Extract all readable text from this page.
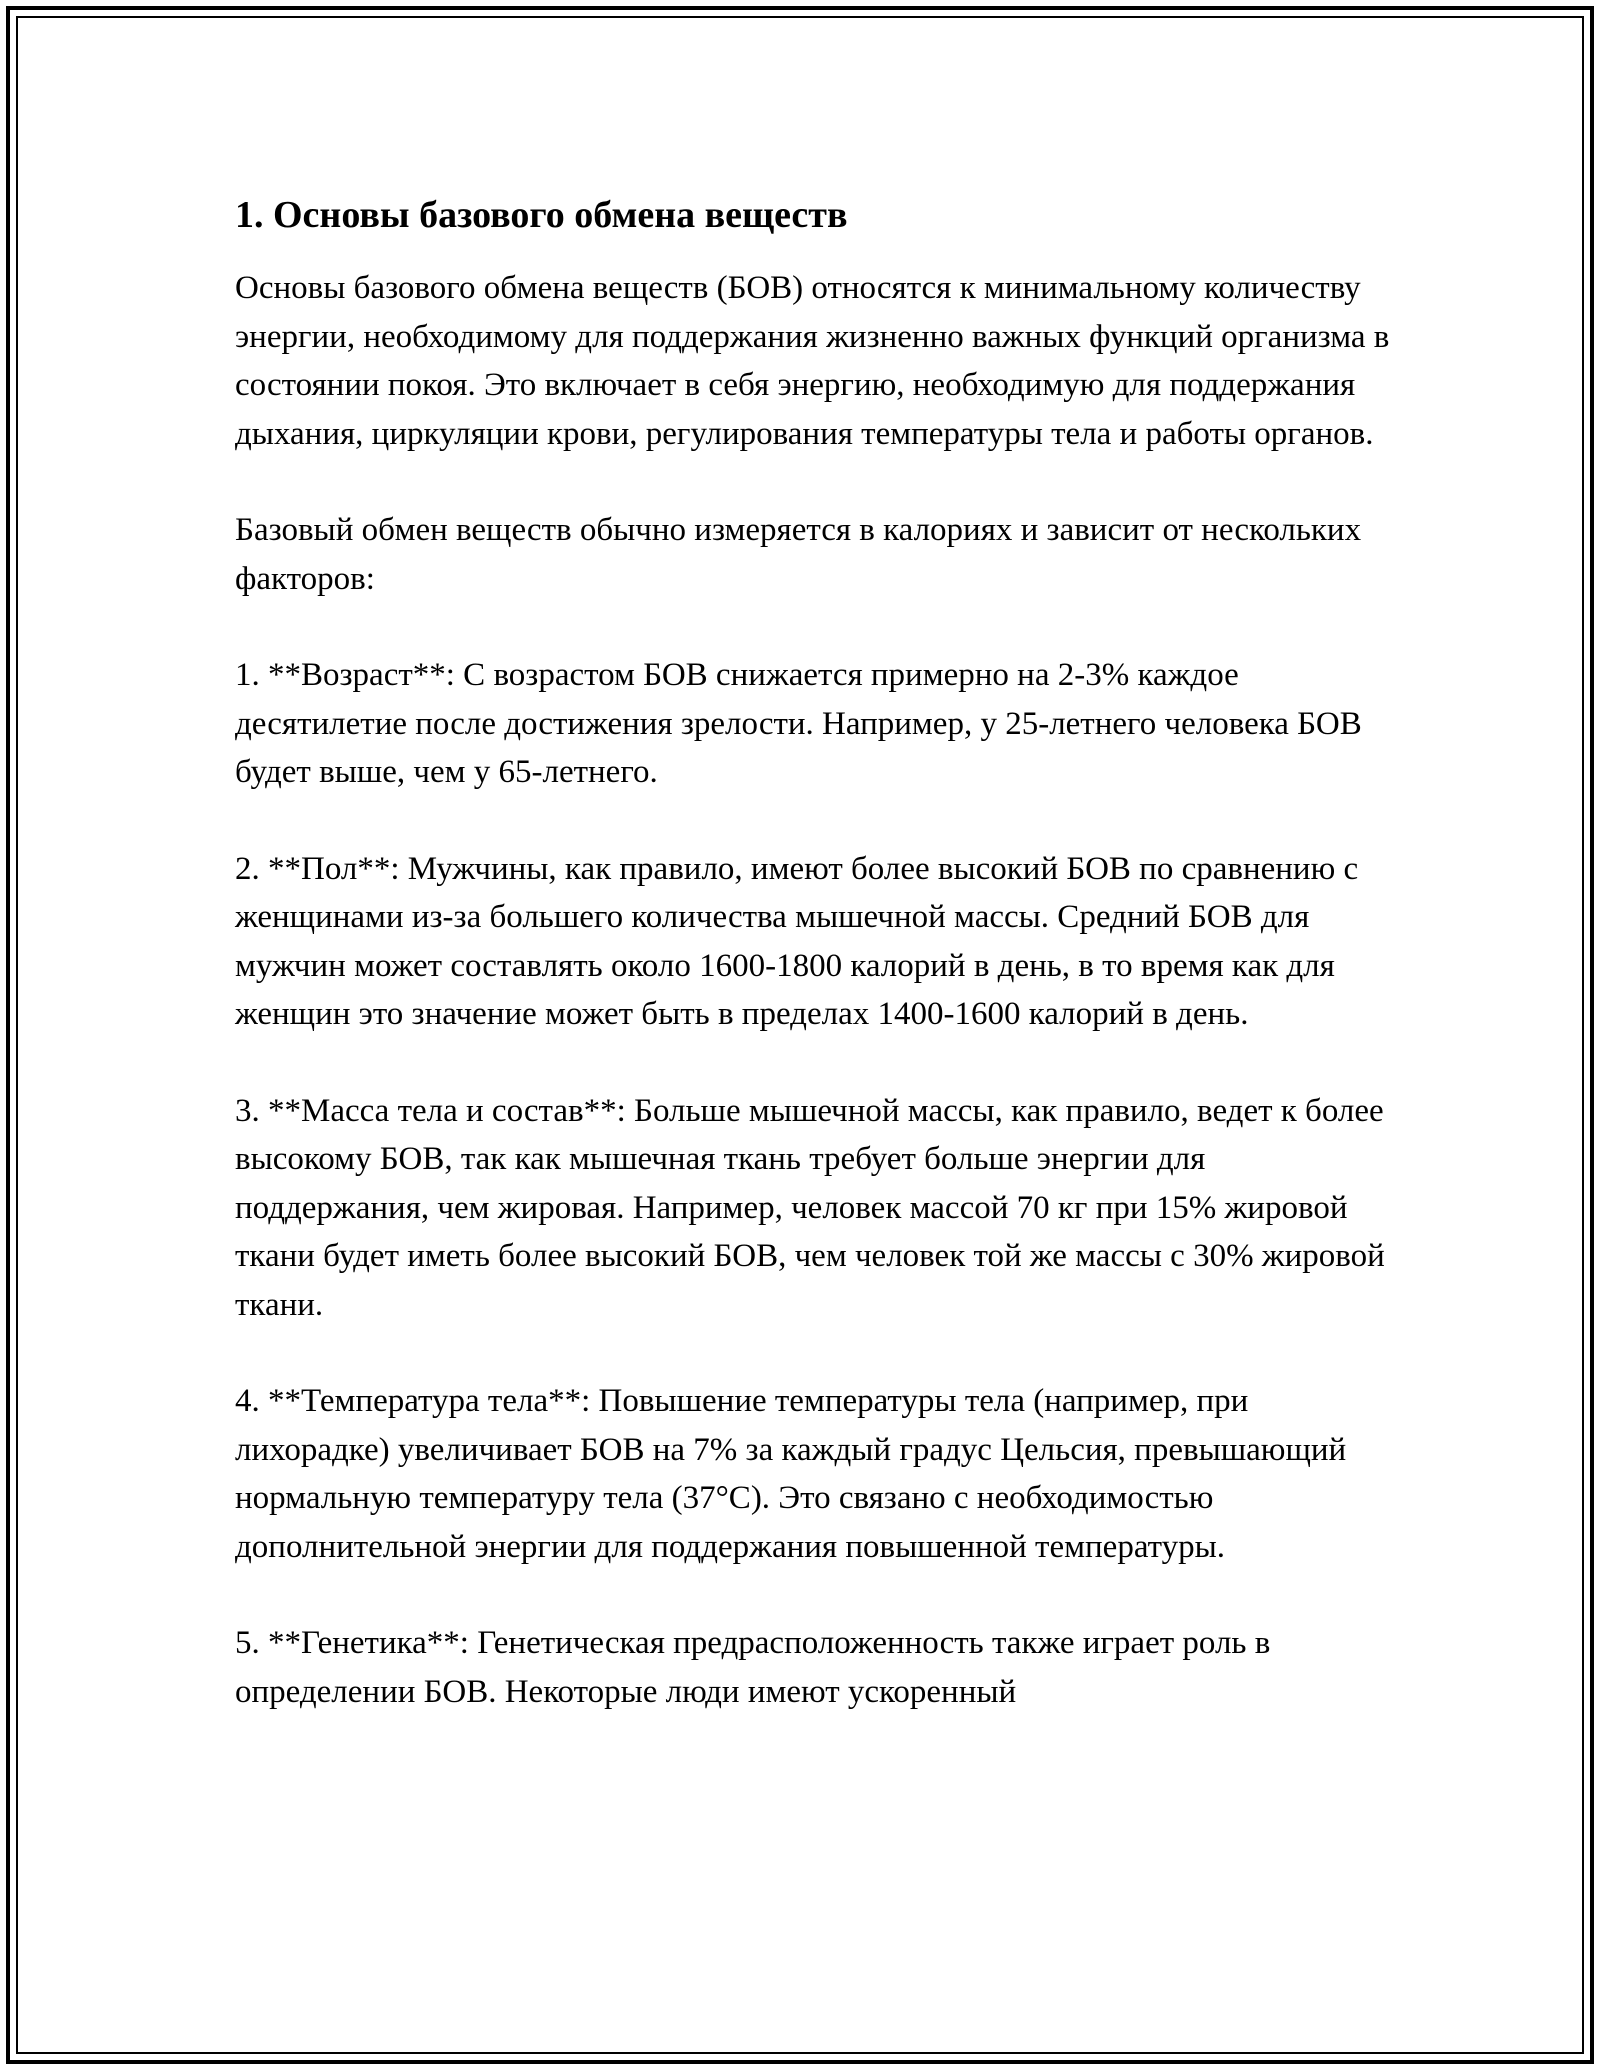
1. Основы базового обмена веществ

Основы базового обмена веществ (БОВ) относятся к минимальному количеству энергии, необходимому для поддержания жизненно важных функций организма в состоянии покоя. Это включает в себя энергию, необходимую для поддержания дыхания, циркуляции крови, регулирования температуры тела и работы органов.

Базовый обмен веществ обычно измеряется в калориях и зависит от нескольких факторов:

1. **Возраст**: С возрастом БОВ снижается примерно на 2-3% каждое десятилетие после достижения зрелости. Например, у 25-летнего человека БОВ будет выше, чем у 65-летнего.

2. **Пол**: Мужчины, как правило, имеют более высокий БОВ по сравнению с женщинами из-за большего количества мышечной массы. Средний БОВ для мужчин может составлять около 1600-1800 калорий в день, в то время как для женщин это значение может быть в пределах 1400-1600 калорий в день.

3. **Масса тела и состав**: Больше мышечной массы, как правило, ведет к более высокому БОВ, так как мышечная ткань требует больше энергии для поддержания, чем жировая. Например, человек массой 70 кг при 15% жировой ткани будет иметь более высокий БОВ, чем человек той же массы с 30% жировой ткани.

4. **Температура тела**: Повышение температуры тела (например, при лихорадке) увеличивает БОВ на 7% за каждый градус Цельсия, превышающий нормальную температуру тела (37°C). Это связано с необходимостью дополнительной энергии для поддержания повышенной температуры.

5. **Генетика**: Генетическая предрасположенность также играет роль в определении БОВ. Некоторые люди имеют ускоренный
